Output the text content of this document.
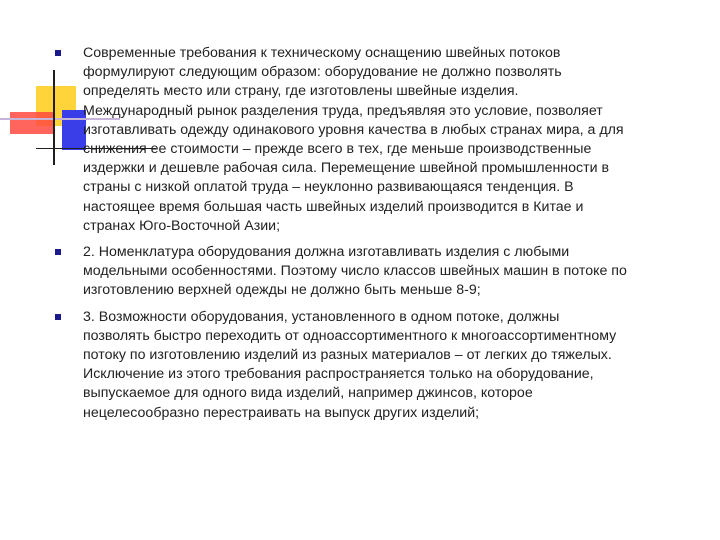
Современные требования к техническому оснащению швейных потоков
формулируют следующим образом: оборудование не должно позволять
определять место или страну, где изготовлены швейные изделия.
Международный рынок разделения труда, предъявляя это условие, позволяет
изготавливать одежду одинакового уровня качества в любых странах мира, а для
снижения ее стоимости – прежде всего в тех, где меньше производственные
издержки и дешевле рабочая сила. Перемещение швейной промышленности в
страны с низкой оплатой труда – неуклонно развивающаяся тенденция. В
настоящее время большая часть швейных изделий производится в Китае и
странах Юго-Восточной Азии;
2. Номенклатура оборудования должна изготавливать изделия с любыми
модельными особенностями. Поэтому число классов швейных машин в потоке по
изготовлению верхней одежды не должно быть меньше 8-9;
3. Возможности оборудования, установленного в одном потоке, должны
позволять быстро переходить от одноассортиментного к многоассортиментному
потоку по изготовлению изделий из разных материалов – от легких до тяжелых.
Исключение из этого требования распространяется только на оборудование,
выпускаемое для одного вида изделий, например джинсов, которое
нецелесообразно перестраивать на выпуск других изделий;
